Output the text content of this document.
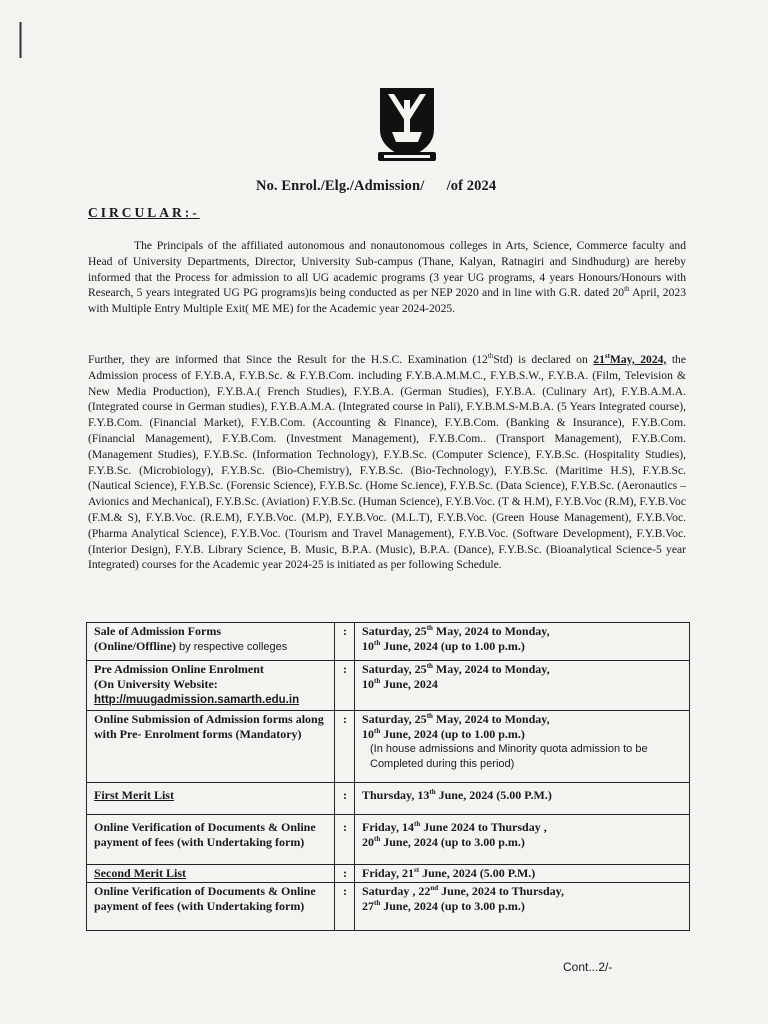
No. Enrol./Elg./Admission/      /of 2024
CIRCULAR:-
The Principals of the affiliated autonomous and nonautonomous colleges in Arts, Science, Commerce faculty and Head of University Departments, Director, University Sub-campus (Thane, Kalyan, Ratnagiri and Sindhudurg) are hereby informed that the Process for admission to all UG academic programs (3 year UG programs, 4 years Honours/Honours with Research, 5 years integrated UG PG programs)is being conducted as per NEP 2020 and in line with G.R. dated 20th April, 2023 with Multiple Entry Multiple Exit( ME ME) for the Academic year 2024-2025.
Further, they are informed that Since the Result for the H.S.C. Examination (12thStd) is declared on 21stMay, 2024, the Admission process of F.Y.B.A, F.Y.B.Sc. & F.Y.B.Com. including F.Y.B.A.M.M.C., F.Y.B.S.W., F.Y.B.A. (Film, Television & New Media Production), F.Y.B.A.( French Studies), F.Y.B.A. (German Studies), F.Y.B.A. (Culinary Art), F.Y.B.A.M.A. (Integrated course in German studies), F.Y.B.A.M.A. (Integrated course in Pali), F.Y.B.M.S-M.B.A. (5 Years Integrated course), F.Y.B.Com. (Financial Market), F.Y.B.Com. (Accounting & Finance), F.Y.B.Com. (Banking & Insurance), F.Y.B.Com. (Financial Management), F.Y.B.Com. (Investment Management), F.Y.B.Com.. (Transport Management), F.Y.B.Com. (Management Studies), F.Y.B.Sc. (Information Technology), F.Y.B.Sc. (Computer Science), F.Y.B.Sc. (Hospitality Studies), F.Y.B.Sc. (Microbiology), F.Y.B.Sc. (Bio-Chemistry), F.Y.B.Sc. (Bio-Technology), F.Y.B.Sc. (Maritime H.S), F.Y.B.Sc. (Nautical Science), F.Y.B.Sc. (Forensic Science), F.Y.B.Sc. (Home Sc.ience), F.Y.B.Sc. (Data Science), F.Y.B.Sc. (Aeronautics – Avionics and Mechanical), F.Y.B.Sc. (Aviation) F.Y.B.Sc. (Human Science), F.Y.B.Voc. (T & H.M), F.Y.B.Voc (R.M), F.Y.B.Voc (F.M.& S), F.Y.B.Voc. (R.E.M), F.Y.B.Voc. (M.P), F.Y.B.Voc. (M.L.T), F.Y.B.Voc. (Green House Management), F.Y.B.Voc. (Pharma Analytical Science), F.Y.B.Voc. (Tourism and Travel Management), F.Y.B.Voc. (Software Development), F.Y.B.Voc. (Interior Design), F.Y.B. Library Science, B. Music, B.P.A. (Music), B.P.A. (Dance), F.Y.B.Sc. (Bioanalytical Science-5 year Integrated) courses for the Academic year 2024-25 is initiated as per following Schedule.
Sale of Admission Forms
(Online/Offline) by respective colleges	:	Saturday, 25th May, 2024 to Monday,
10th June, 2024 (up to 1.00 p.m.)
Pre Admission Online Enrolment
(On University Website:
http://muugadmission.samarth.edu.in	:	Saturday, 25th May, 2024 to Monday,
10th June, 2024
Online Submission of Admission forms along with Pre- Enrolment forms (Mandatory)	:	Saturday, 25th May, 2024 to Monday,
10th June, 2024 (up to 1.00 p.m.)
(In house admissions and Minority quota admission to be Completed during this period)
First Merit List	:	Thursday, 13th June, 2024 (5.00 P.M.)
Online Verification of Documents & Online payment of fees (with Undertaking form)	:	Friday, 14th June 2024 to Thursday ,
20th June, 2024 (up to 3.00 p.m.)
Second Merit List	:	Friday, 21st June, 2024 (5.00 P.M.)
Online Verification of Documents & Online payment of fees (with Undertaking form)	:	Saturday , 22nd June, 2024 to Thursday,
27th June, 2024 (up to 3.00 p.m.)
Cont...2/-
